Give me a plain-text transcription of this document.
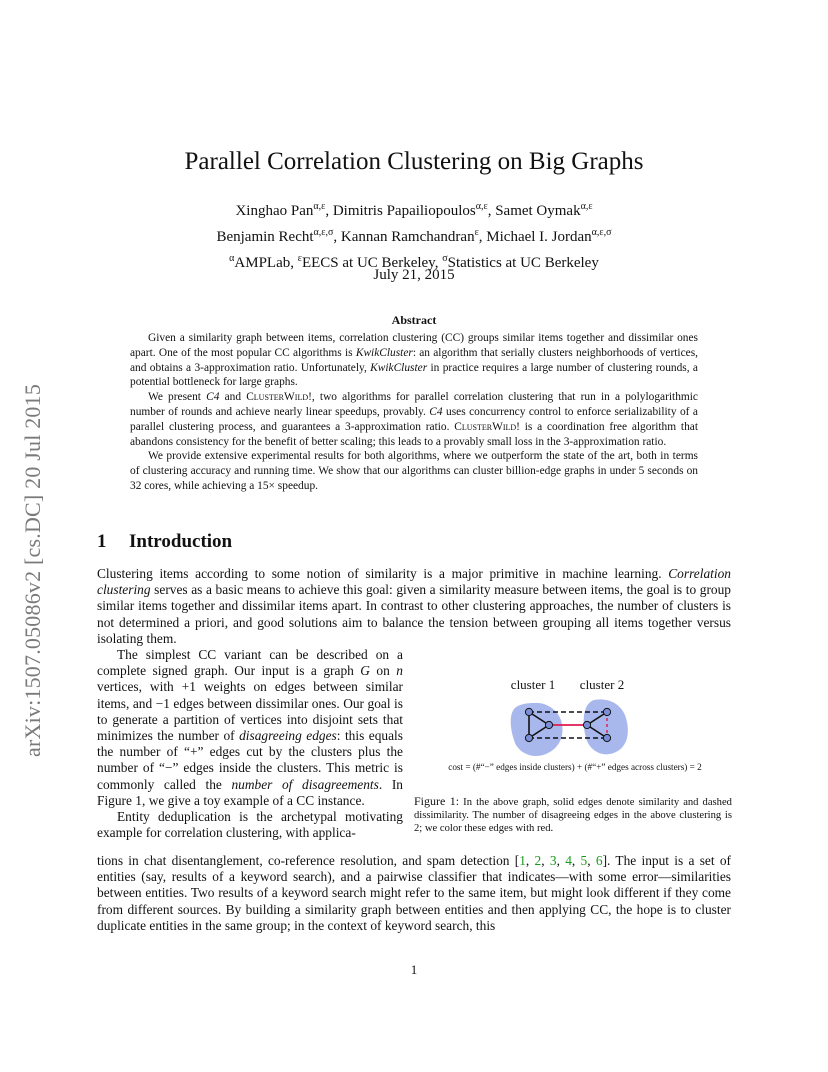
arXiv:1507.05086v2 [cs.DC] 20 Jul 2015
Parallel Correlation Clustering on Big Graphs
Xinghao Pan$^{\alpha,\varepsilon}$, Dimitris Papailiopoulos$^{\alpha,\varepsilon}$, Samet Oymak$^{\alpha,\varepsilon}$
Benjamin Recht$^{\alpha,\varepsilon,\sigma}$, Kannan Ramchandran$^\varepsilon$, Michael I. Jordan$^{\alpha,\varepsilon,\sigma}$
$^\alpha$AMPLab, $^\varepsilon$EECS at UC Berkeley, $^\sigma$Statistics at UC Berkeley
July 21, 2015
Abstract

Given a similarity graph between items, correlation clustering (CC) groups similar items together and dissimilar ones apart. One of the most popular CC algorithms is KwikCluster: an algorithm that serially clusters neighborhoods of vertices, and obtains a 3-approximation ratio. Unfortunately, KwikCluster in practice requires a large number of clustering rounds, a potential bottleneck for large graphs.

We present C4 and ClusterWild!, two algorithms for parallel correlation clustering that run in a polylogarithmic number of rounds and achieve nearly linear speedups, provably. C4 uses concurrency control to enforce serializability of a parallel clustering process, and guarantees a 3-approximation ratio. ClusterWild! is a coordination free algorithm that abandons consistency for the benefit of better scaling; this leads to a provably small loss in the 3-approximation ratio.

We provide extensive experimental results for both algorithms, where we outperform the state of the art, both in terms of clustering accuracy and running time. We show that our algorithms can cluster billion-edge graphs in under 5 seconds on 32 cores, while achieving a 15× speedup.

1 Introduction

Clustering items according to some notion of similarity is a major primitive in machine learning. Correlation clustering serves as a basic means to achieve this goal: given a similarity measure between items, the goal is to group similar items together and dissimilar items apart. In contrast to other clustering approaches, the number of clusters is not determined a priori, and good solutions aim to balance the tension between grouping all items together versus isolating them.

The simplest CC variant can be described on a complete signed graph. Our input is a graph G on n vertices, with +1 weights on edges between similar items, and −1 edges between dissimilar ones. Our goal is to generate a partition of vertices into disjoint sets that minimizes the number of disagreeing edges: this equals the number of “+” edges cut by the clusters plus the number of “−” edges inside the clusters. This metric is commonly called the number of disagreements. In Figure 1, we give a toy example of a CC instance.

Entity deduplication is the archetypal motivating example for correlation clustering, with applica-

tions in chat disentanglement, co-reference resolution, and spam detection [1, 2, 3, 4, 5, 6]. The input is a set of entities (say, results of a keyword search), and a pairwise classifier that indicates—with some error—similarities between entities. Two results of a keyword search might refer to the same item, but might look different if they come from different sources. By building a similarity graph between entities and then applying CC, the hope is to cluster duplicate entities in the same group; in the context of keyword search, this

cluster 1 cluster 2
cost = (#“−” edges inside clusters) + (#“+” edges across clusters) = 2
Figure 1: In the above graph, solid edges denote similarity and dashed dissimilarity. The number of disagreeing edges in the above clustering is 2; we color these edges with red.
1
